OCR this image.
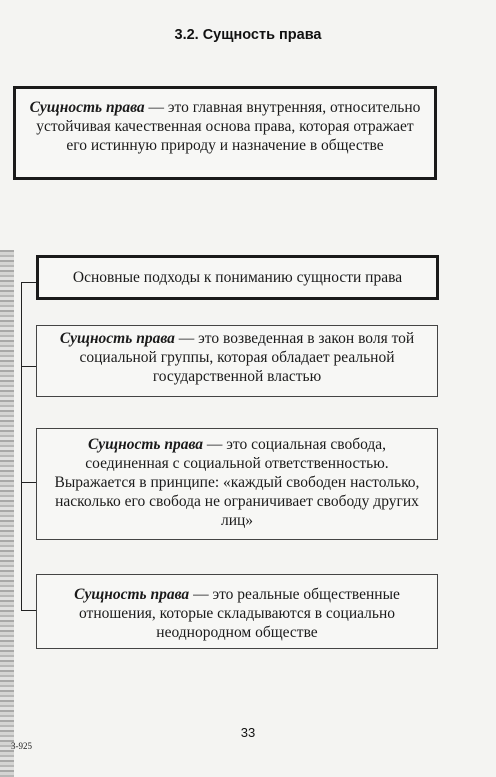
3.2. Сущность права
Сущность права — это главная внутренняя, относительно устойчивая качественная основа права, которая отражает его истинную природу и назначение в обществе
Основные подходы к пониманию сущности права
Сущность права — это возведенная в закон воля той социальной группы, которая обладает реальной государственной властью
Сущность права — это социальная свобода, соединенная с социальной ответственностью. Выражается в принципе: «каждый свободен настолько, насколько его свобода не ограничивает свободу других лиц»
Сущность права — это реальные общественные отношения, которые складываются в социально неоднородном обществе
33
3-925
